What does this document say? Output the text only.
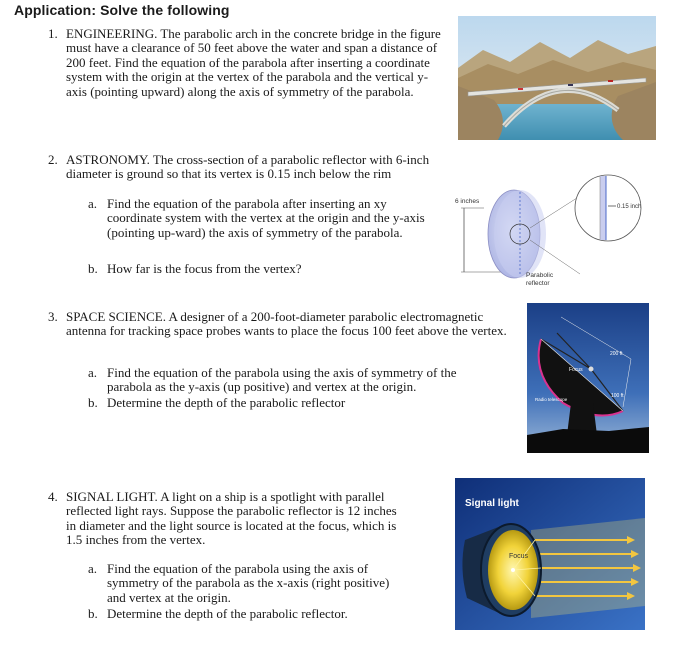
Application: Solve the following
1. ENGINEERING. The parabolic arch in the concrete bridge in the figure must have a clearance of 50 feet above the water and span a distance of 200 feet. Find the equation of the parabola after inserting a coordinate system with the origin at the vertex of the parabola and the vertical y-axis (pointing upward) along the axis of symmetry of the parabola.
2. ASTRONOMY. The cross-section of a parabolic reflector with 6-inch diameter is ground so that its vertex is 0.15 inch below the rim
a. Find the equation of the parabola after inserting an xy coordinate system with the vertex at the origin and the y-axis (pointing up-ward) the axis of symmetry of the parabola.
b. How far is the focus from the vertex?
6 inches
0.15 inch
Parabolic
reflector
3. SPACE SCIENCE. A designer of a 200-foot-diameter parabolic electromagnetic antenna for tracking space probes wants to place the focus 100 feet above the vertex.
a. Find the equation of the parabola using the axis of symmetry of the parabola as the y-axis (up positive) and vertex at the origin.
b. Determine the depth of the parabolic reflector
200 ft
Focus
100 ft
Radio telescope
4. SIGNAL LIGHT. A light on a ship is a spotlight with parallel reflected light rays. Suppose the parabolic reflector is 12 inches in diameter and the light source is located at the focus, which is 1.5 inches from the vertex.
a. Find the equation of the parabola using the axis of symmetry of the parabola as the x-axis (right positive) and vertex at the origin.
b. Determine the depth of the parabolic reflector.
Signal light
Focus
